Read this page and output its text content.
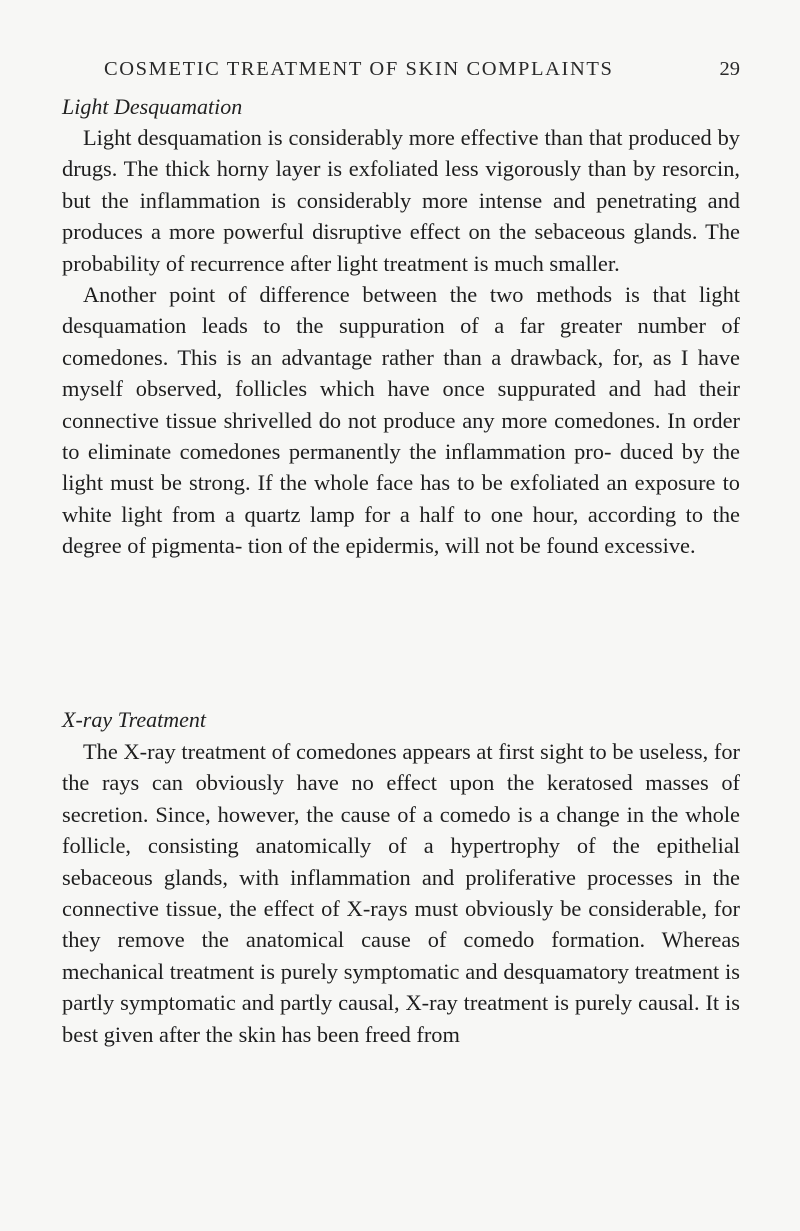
COSMETIC TREATMENT OF SKIN COMPLAINTS	29
Light Desquamation

Light desquamation is considerably more effective than that produced by drugs. The thick horny layer is exfoliated less vigorously than by resorcin, but the inflammation is considerably more intense and penetrating and produces a more powerful disruptive effect on the sebaceous glands. The probability of recurrence after light treatment is much smaller.

Another point of difference between the two methods is that light desquamation leads to the suppuration of a far greater number of comedones. This is an advantage rather than a drawback, for, as I have myself observed, follicles which have once suppurated and had their connective tissue shrivelled do not produce any more comedones. In order to eliminate comedones permanently the inflammation pro- duced by the light must be strong. If the whole face has to be exfoliated an exposure to white light from a quartz lamp for a half to one hour, according to the degree of pigmenta- tion of the epidermis, will not be found excessive.

X-ray Treatment

The X-ray treatment of comedones appears at first sight to be useless, for the rays can obviously have no effect upon the keratosed masses of secretion. Since, however, the cause of a comedo is a change in the whole follicle, consisting anatomically of a hypertrophy of the epithelial sebaceous glands, with inflammation and proliferative processes in the connective tissue, the effect of X-rays must obviously be considerable, for they remove the anatomical cause of comedo formation. Whereas mechanical treatment is purely symptomatic and desquamatory treatment is partly symptomatic and partly causal, X-ray treatment is purely causal. It is best given after the skin has been freed from
